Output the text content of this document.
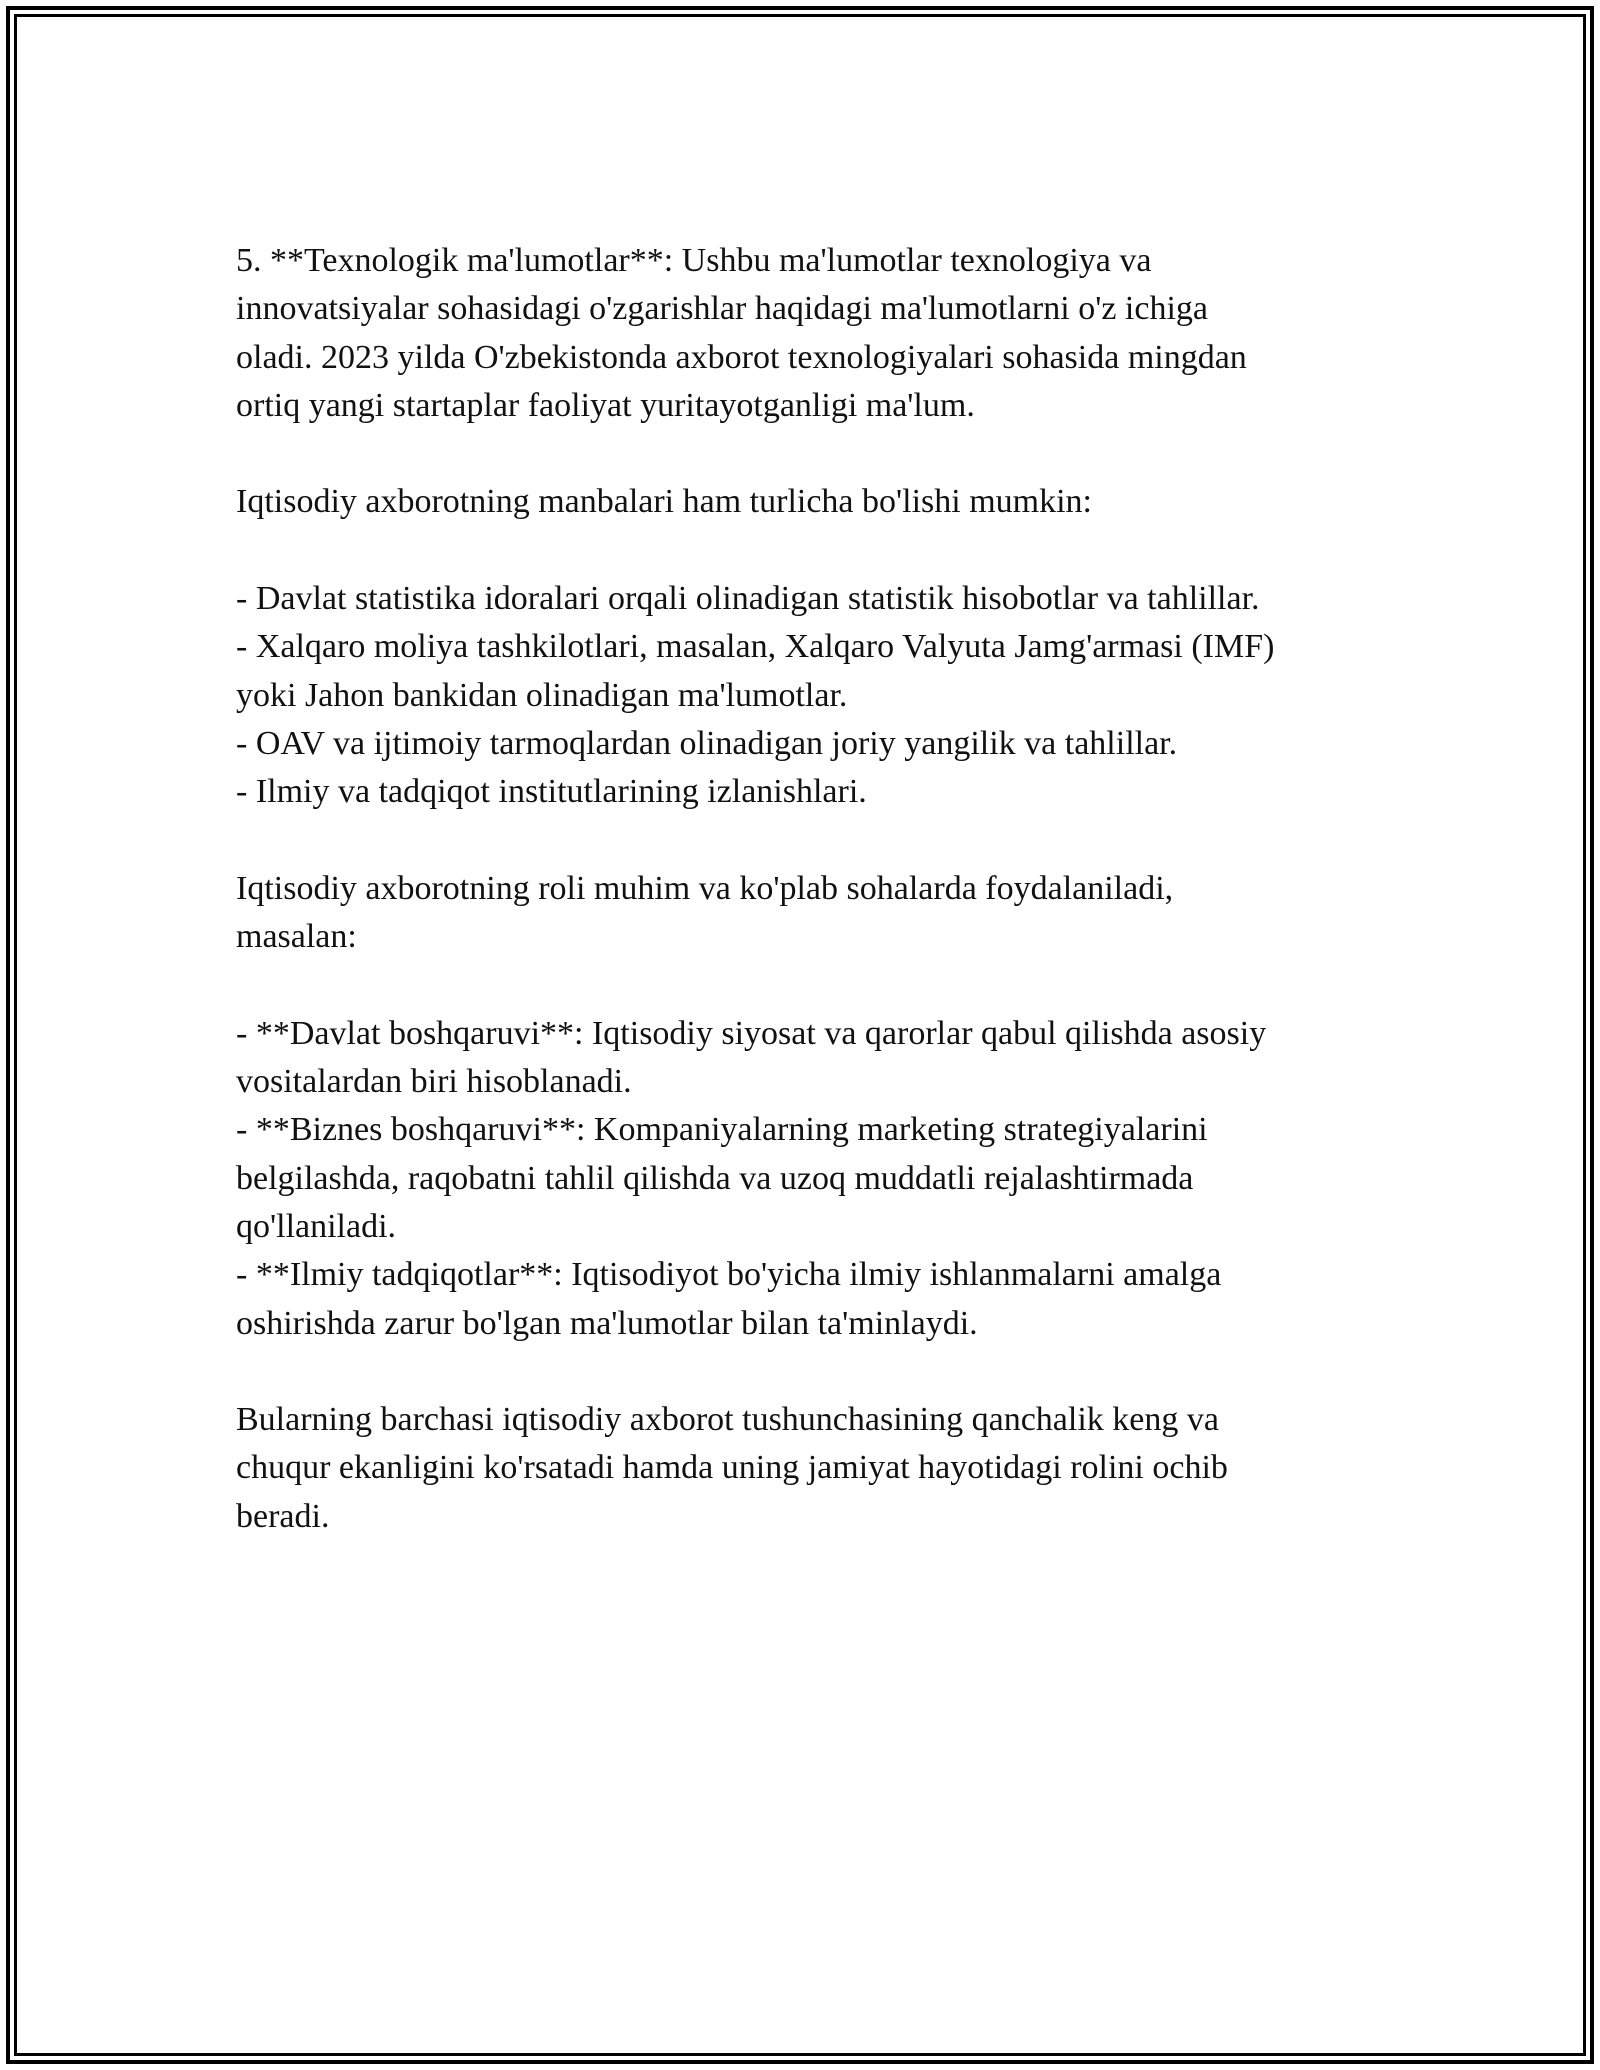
5. **Texnologik ma'lumotlar**: Ushbu ma'lumotlar texnologiya va

innovatsiyalar sohasidagi o'zgarishlar haqidagi ma'lumotlarni o'z ichiga

oladi. 2023 yilda O'zbekistonda axborot texnologiyalari sohasida mingdan

ortiq yangi startaplar faoliyat yuritayotganligi ma'lum.

Iqtisodiy axborotning manbalari ham turlicha bo'lishi mumkin:

- Davlat statistika idoralari orqali olinadigan statistik hisobotlar va tahlillar.

- Xalqaro moliya tashkilotlari, masalan, Xalqaro Valyuta Jamg'armasi (IMF)

yoki Jahon bankidan olinadigan ma'lumotlar.

- OAV va ijtimoiy tarmoqlardan olinadigan joriy yangilik va tahlillar.

- Ilmiy va tadqiqot institutlarining izlanishlari.

Iqtisodiy axborotning roli muhim va ko'plab sohalarda foydalaniladi,

masalan:

- **Davlat boshqaruvi**: Iqtisodiy siyosat va qarorlar qabul qilishda asosiy

vositalardan biri hisoblanadi.

- **Biznes boshqaruvi**: Kompaniyalarning marketing strategiyalarini

belgilashda, raqobatni tahlil qilishda va uzoq muddatli rejalashtirmada

qo'llaniladi.

- **Ilmiy tadqiqotlar**: Iqtisodiyot bo'yicha ilmiy ishlanmalarni amalga

oshirishda zarur bo'lgan ma'lumotlar bilan ta'minlaydi.

Bularning barchasi iqtisodiy axborot tushunchasining qanchalik keng va

chuqur ekanligini ko'rsatadi hamda uning jamiyat hayotidagi rolini ochib

beradi.
